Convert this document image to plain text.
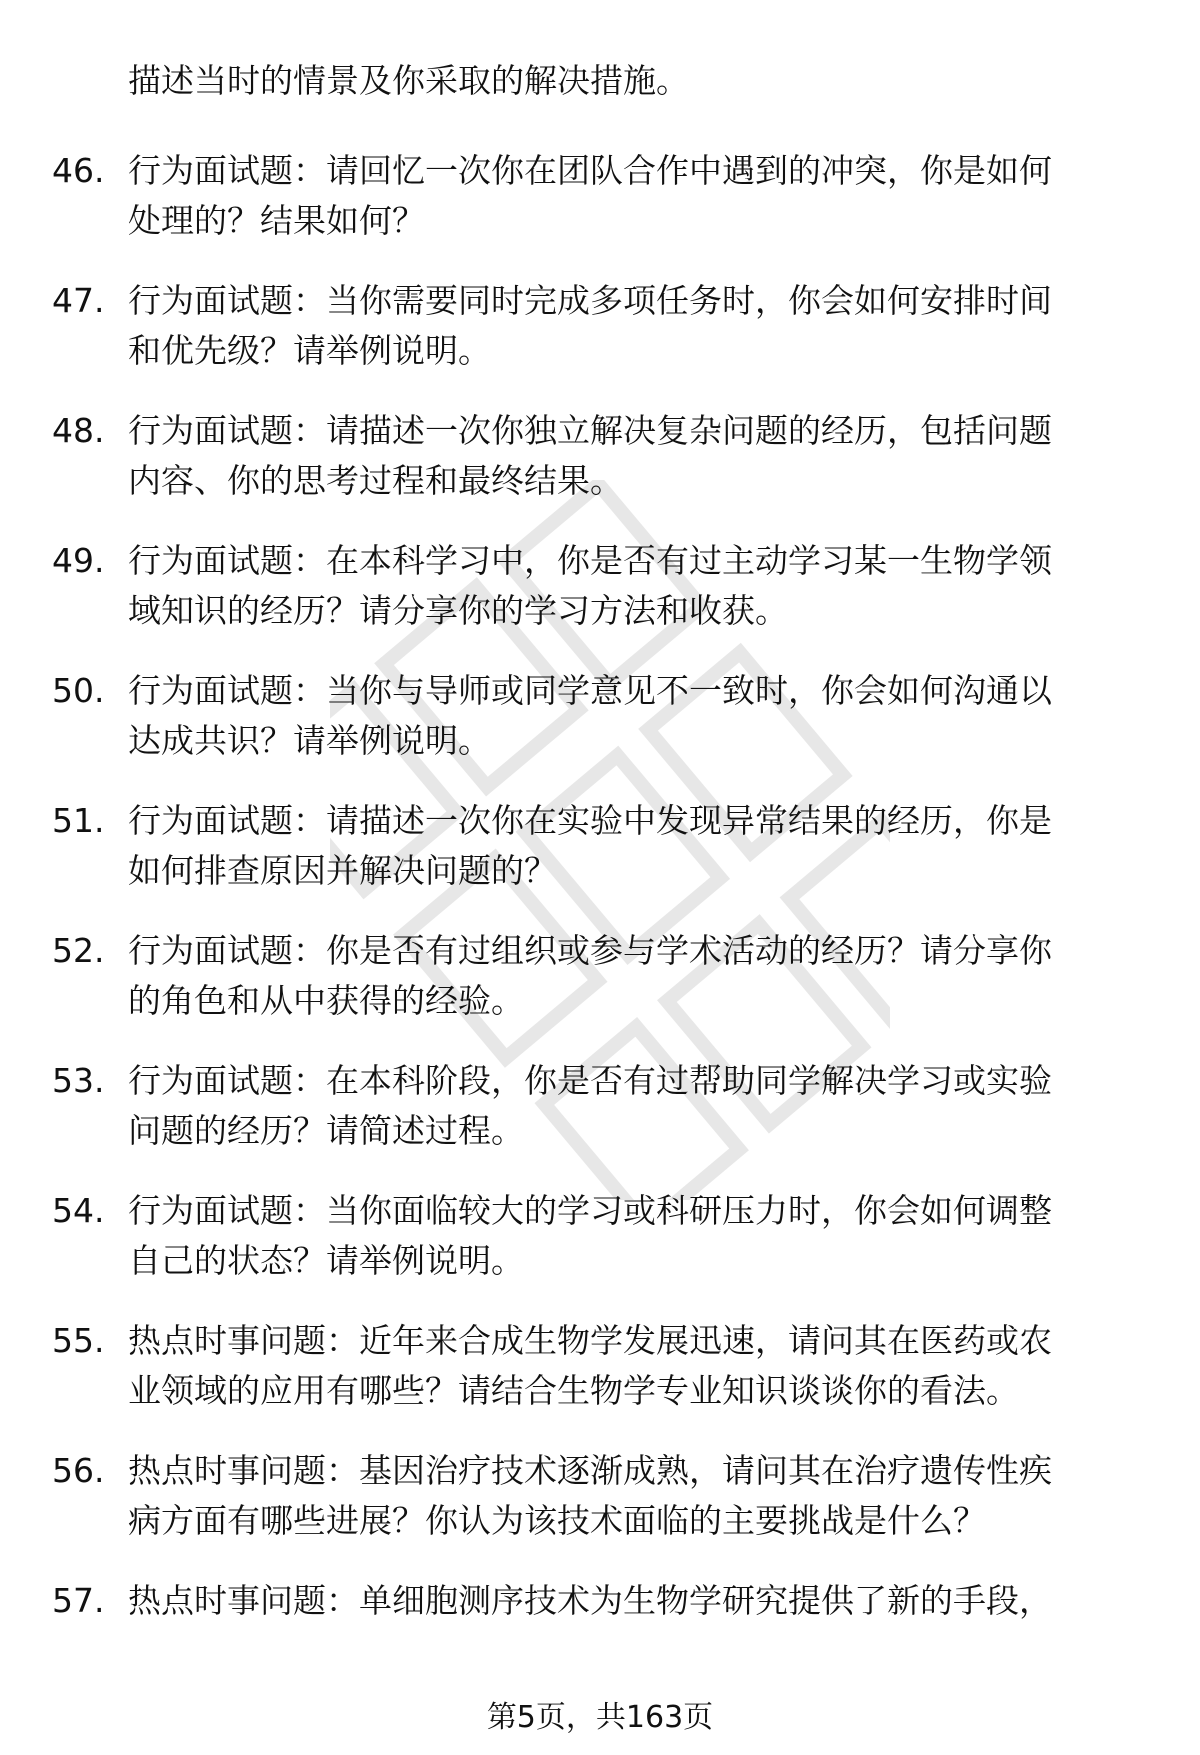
描述当时的情景及你采取的解决措施。
46. 行为面试题：请回忆一次你在团队合作中遇到的冲突，你是如何
处理的？结果如何？
47. 行为面试题：当你需要同时完成多项任务时，你会如何安排时间
和优先级？请举例说明。
48. 行为面试题：请描述一次你独立解决复杂问题的经历，包括问题
内容、你的思考过程和最终结果。
49. 行为面试题：在本科学习中，你是否有过主动学习某一生物学领
域知识的经历？请分享你的学习方法和收获。
50. 行为面试题：当你与导师或同学意见不一致时，你会如何沟通以
达成共识？请举例说明。
51. 行为面试题：请描述一次你在实验中发现异常结果的经历，你是
如何排查原因并解决问题的？
52. 行为面试题：你是否有过组织或参与学术活动的经历？请分享你
的角色和从中获得的经验。
53. 行为面试题：在本科阶段，你是否有过帮助同学解决学习或实验
问题的经历？请简述过程。
54. 行为面试题：当你面临较大的学习或科研压力时，你会如何调整
自己的状态？请举例说明。
55. 热点时事问题：近年来合成生物学发展迅速，请问其在医药或农
业领域的应用有哪些？请结合生物学专业知识谈谈你的看法。
56. 热点时事问题：基因治疗技术逐渐成熟，请问其在治疗遗传性疾
病方面有哪些进展？你认为该技术面临的主要挑战是什么？
57. 热点时事问题：单细胞测序技术为生物学研究提供了新的手段，
第5页，共163页
